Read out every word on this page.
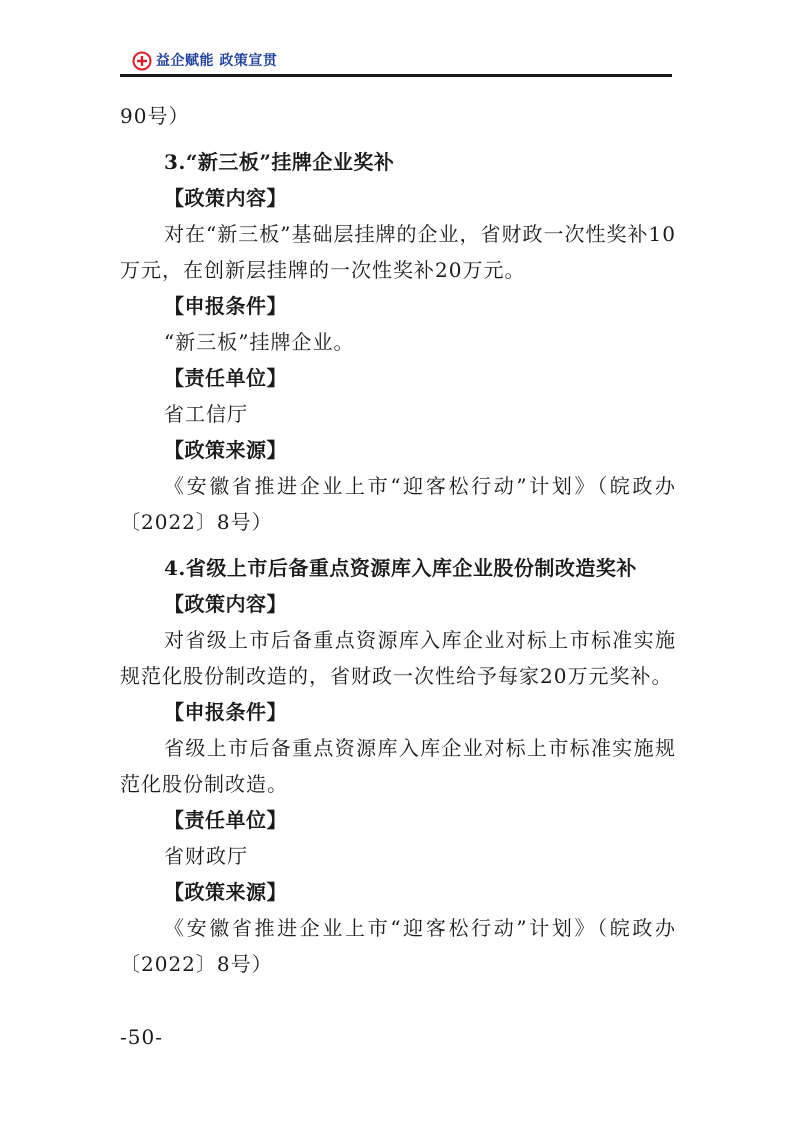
益企赋能 政策宣贯

90号）

3.“新三板”挂牌企业奖补

【政策内容】

对在“新三板”基础层挂牌的企业，省财政一次性奖补10万元，在创新层挂牌的一次性奖补20万元。

【申报条件】

“新三板”挂牌企业。

【责任单位】

省工信厅

【政策来源】

《安徽省推进企业上市“迎客松行动”计划》（皖政办〔2022〕8号）

4.省级上市后备重点资源库入库企业股份制改造奖补

【政策内容】

对省级上市后备重点资源库入库企业对标上市标准实施规范化股份制改造的，省财政一次性给予每家20万元奖补。

【申报条件】

省级上市后备重点资源库入库企业对标上市标准实施规范化股份制改造。

【责任单位】

省财政厅

【政策来源】

《安徽省推进企业上市“迎客松行动”计划》（皖政办〔2022〕8号）

-50-
